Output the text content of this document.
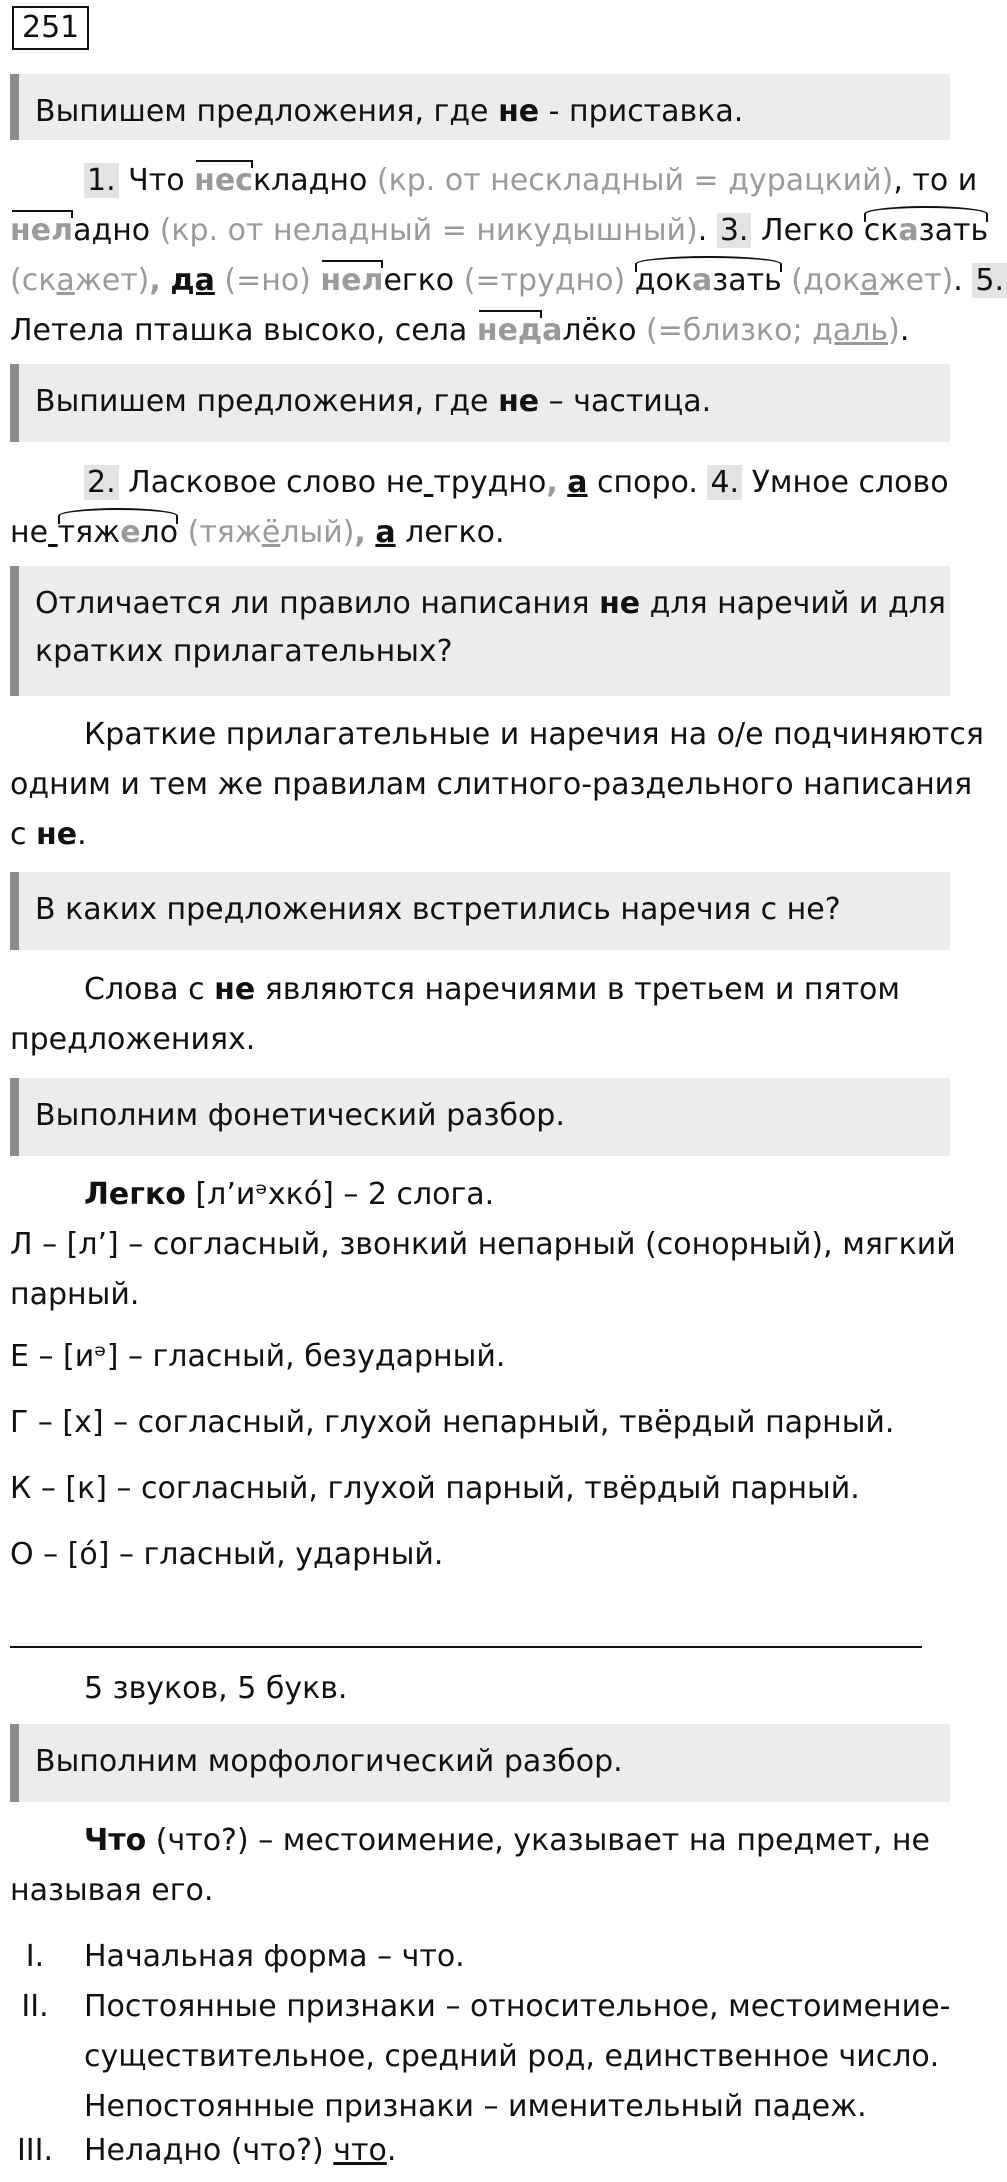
251
Выпишем предложения, где не - приставка.
1. Что нескладно (кр. от нескладный = дурацкий), то и
неладно (кр. от неладный = никудышный). 3. Легко сказать
(скажет), да (=но) нелегко (=трудно) доказать (докажет). 5.
Летела пташка высоко, села недалёко (=близко; даль).
Выпишем предложения, где не – частица.
2. Ласковое слово не трудно, а спорo. 4. Умное слово
не тяжело (тяжёлый), а легко.
Отличается ли правило написания не для наречий и для кратких прилагательных?
Краткие прилагательные и наречия на о/е подчиняются
одним и тем же правилам слитного-раздельного написания
с не.
В каких предложениях встретились наречия с не?
Слова с не являются наречиями в третьем и пятом
предложениях.
Выполним фонетический разбор.
Легко [л’иᵊхкó] – 2 слога.
Л – [л’] – согласный, звонкий непарный (сонорный), мягкий
парный.
Е – [иᵊ] – гласный, безударный.
Г – [х] – согласный, глухой непарный, твёрдый парный.
К – [к] – согласный, глухой парный, твёрдый парный.
О – [ó] – гласный, ударный.
5 звуков, 5 букв.
Выполним морфологический разбор.
Что (что?) – местоимение, указывает на предмет, не
называя его.
I.	Начальная форма – что.
II.	Постоянные признаки – относительное, местоимение-
существительное, средний род, единственное число.
Непостоянные признаки – именительный падеж.
III. Неладно (что?) что.
